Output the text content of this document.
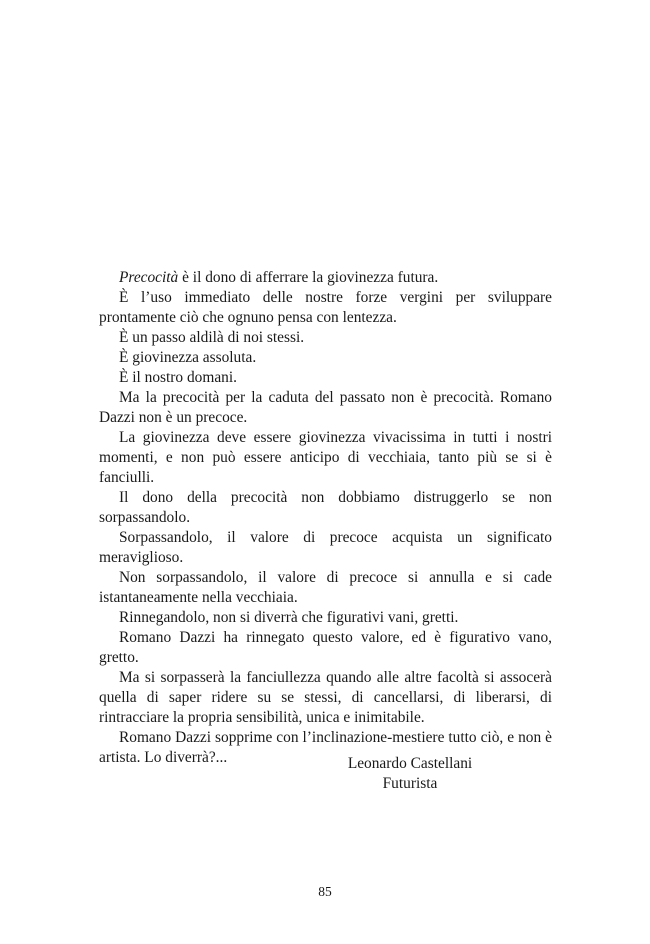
Precocità è il dono di afferrare la giovinezza futura.

È l’uso immediato delle nostre forze vergini per sviluppare prontamente ciò che ognuno pensa con lentezza.

È un passo aldilà di noi stessi.

È giovinezza assoluta.

È il nostro domani.

Ma la precocità per la caduta del passato non è precocità. Romano Dazzi non è un precoce.

La giovinezza deve essere giovinezza vivacissima in tutti i nostri momenti, e non può essere anticipo di vecchiaia, tanto più se si è fanciulli.

Il dono della precocità non dobbiamo distruggerlo se non sorpassandolo.

Sorpassandolo, il valore di precoce acquista un significato meraviglioso.

Non sorpassandolo, il valore di precoce si annulla e si cade istantaneamente nella vecchiaia.

Rinnegandolo, non si diverrà che figurativi vani, gretti.

Romano Dazzi ha rinnegato questo valore, ed è figurativo vano, gretto.

Ma si sorpasserà la fanciullezza quando alle altre facoltà si assocerà quella di saper ridere su se stessi, di cancellarsi, di liberarsi, di rintracciare la propria sensibilità, unica e inimitabile.

Romano Dazzi sopprime con l’inclinazione-mestiere tutto ciò, e non è artista. Lo diverrà?...	Leonardo Castellani
Futurista
85
